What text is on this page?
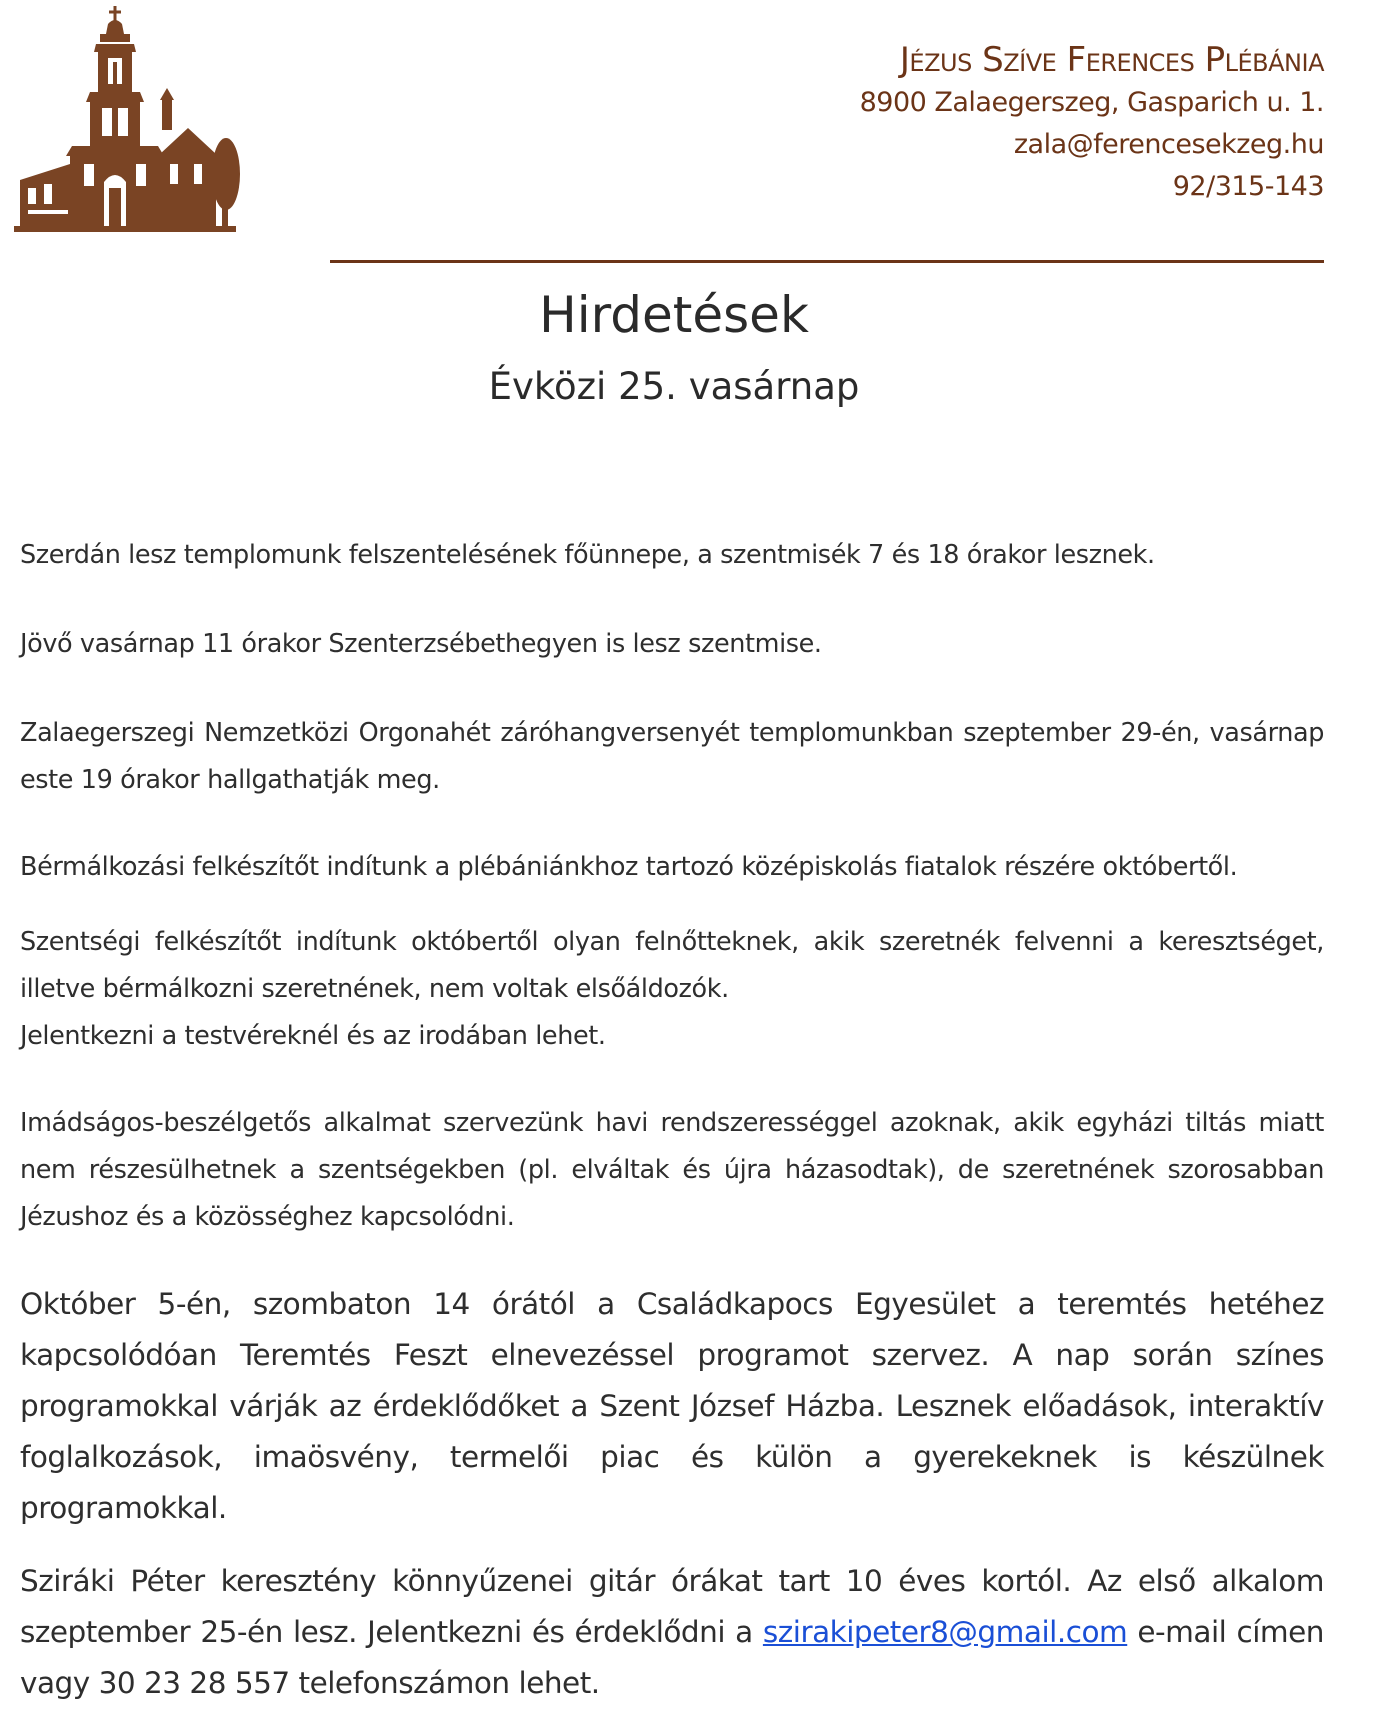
Jézus Szíve Ferences Plébánia
8900 Zalaegerszeg, Gasparich u. 1.
zala@ferencesekzeg.hu
92/315-143
Hirdetések
Évközi 25. vasárnap

Szerdán lesz templomunk felszentelésének főünnepe, a szentmisék 7 és 18 órakor lesznek.

Jövő vasárnap 11 órakor Szenterzsébethegyen is lesz szentmise.

Zalaegerszegi Nemzetközi Orgonahét záróhangversenyét templomunkban szeptember 29-én, vasárnap este 19 órakor hallgathatják meg.

Bérmálkozási felkészítőt indítunk a plébániánkhoz tartozó középiskolás fiatalok részére októbertől.

Szentségi felkészítőt indítunk októbertől olyan felnőtteknek, akik szeretnék felvenni a keresztséget, illetve bérmálkozni szeretnének, nem voltak elsőáldozók.

Jelentkezni a testvéreknél és az irodában lehet.

Imádságos-beszélgetős alkalmat szervezünk havi rendszerességgel azoknak, akik egyházi tiltás miatt nem részesülhetnek a szentségekben (pl. elváltak és újra házasodtak), de szeretnének szorosabban Jézushoz és a közösséghez kapcsolódni.

Október 5-én, szombaton 14 órától a Családkapocs Egyesület a teremtés hetéhez kapcsolódóan Teremtés Feszt elnevezéssel programot szervez. A nap során színes programokkal várják az érdeklődőket a Szent József Házba. Lesznek előadások, interaktív foglalkozások, imaösvény, termelői piac és külön a gyerekeknek is készülnek programokkal.

Sziráki Péter keresztény könnyűzenei gitár órákat tart 10 éves kortól. Az első alkalom szeptember 25-én lesz. Jelentkezni és érdeklődni a szirakipeter8@gmail.com e-mail címen vagy 30 23 28 557 telefonszámon lehet.
